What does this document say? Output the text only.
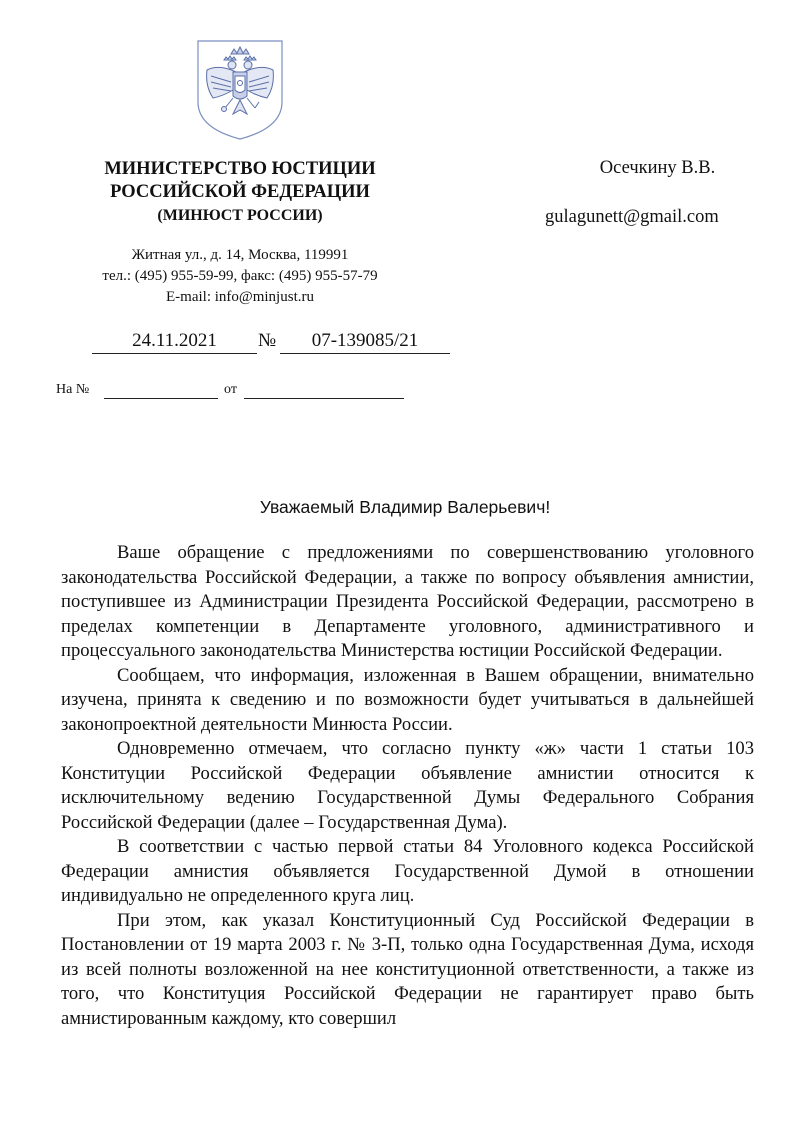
МИНИСТЕРСТВО ЮСТИЦИИ
РОССИЙСКОЙ ФЕДЕРАЦИИ
(МИНЮСТ РОССИИ)
Житная ул., д. 14, Москва, 119991
тел.: (495) 955-59-99, факс: (495) 955-57-79
E-mail: info@minjust.ru
Осечкину В.В.
gulagunett@gmail.com
24.11.2021	№	07-139085/21
На №	от
Уважаемый Владимир Валерьевич!

Ваше обращение с предложениями по совершенствованию уголовного законодательства Российской Федерации, а также по вопросу объявления амнистии, поступившее из Администрации Президента Российской Федерации, рассмотрено в пределах компетенции в Департаменте уголовного, административного и процессуального законодательства Министерства юстиции Российской Федерации.

Сообщаем, что информация, изложенная в Вашем обращении, внимательно изучена, принята к сведению и по возможности будет учитываться в дальнейшей законопроектной деятельности Минюста России.

Одновременно отмечаем, что согласно пункту «ж» части 1 статьи 103 Конституции Российской Федерации объявление амнистии относится к исключительному ведению Государственной Думы Федерального Собрания Российской Федерации (далее – Государственная Дума).

В соответствии с частью первой статьи 84 Уголовного кодекса Российской Федерации амнистия объявляется Государственной Думой в отношении индивидуально не определенного круга лиц.

При этом, как указал Конституционный Суд Российской Федерации в Постановлении от 19 марта 2003 г. № 3-П, только одна Государственная Дума, исходя из всей полноты возложенной на нее конституционной ответственности, а также из того, что Конституция Российской Федерации не гарантирует право быть амнистированным каждому, кто совершил
